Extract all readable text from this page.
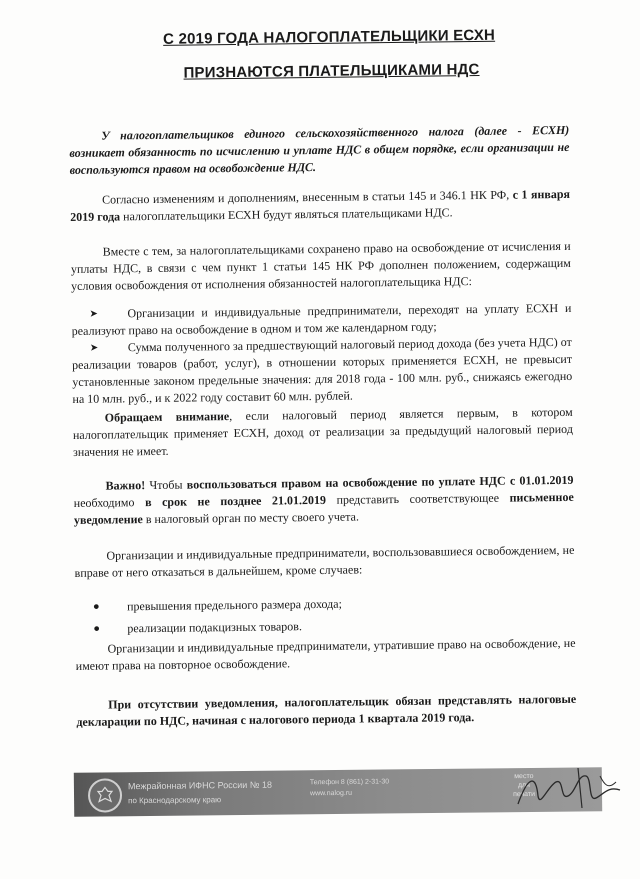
С 2019 ГОДА НАЛОГОПЛАТЕЛЬЩИКИ ЕСХН
ПРИЗНАЮТСЯ ПЛАТЕЛЬЩИКАМИ НДС

У налогоплательщиков единого сельскохозяйственного налога (далее - ЕСХН) возникает обязанность по исчислению и уплате НДС в общем порядке, если организации не воспользуются правом на освобождение НДС.

Согласно изменениям и дополнениям, внесенным в статьи 145 и 346.1 НК РФ, с 1 января 2019 года налогоплательщики ЕСХН будут являться плательщиками НДС.

Вместе с тем, за налогоплательщиками сохранено право на освобождение от исчисления и уплаты НДС, в связи с чем пункт 1 статьи 145 НК РФ дополнен положением, содержащим условия освобождения от исполнения обязанностей налогоплательщика НДС:

➤ Организации и индивидуальные предприниматели, переходят на уплату ЕСХН и реализуют право на освобождение в одном и том же календарном году;

➤ Сумма полученного за предшествующий налоговый период дохода (без учета НДС) от реализации товаров (работ, услуг), в отношении которых применяется ЕСХН, не превысит установленные законом предельные значения: для 2018 года - 100 млн. руб., снижаясь ежегодно на 10 млн. руб., и к 2022 году составит 60 млн. рублей.

Обращаем внимание, если налоговый период является первым, в котором налогоплательщик применяет ЕСХН, доход от реализации за предыдущий налоговый период значения не имеет.

Важно! Чтобы воспользоваться правом на освобождение по уплате НДС с 01.01.2019 необходимо в срок не позднее 21.01.2019 представить соответствующее письменное уведомление в налоговый орган по месту своего учета.

Организации и индивидуальные предприниматели, воспользовавшиеся освобождением, не вправе от него отказаться в дальнейшем, кроме случаев:

● превышения предельного размера дохода;

● реализации подакцизных товаров.

Организации и индивидуальные предприниматели, утратившие право на освобождение, не имеют права на повторное освобождение.

При отсутствии уведомления, налогоплательщик обязан представлять налоговые декларации по НДС, начиная с налогового периода 1 квартала 2019 года.

Межрайонная ИФНС России № 18
по Краснодарскому краю
Телефон 8 (861) 2-31-30
www.nalog.ru
место
для
печати
